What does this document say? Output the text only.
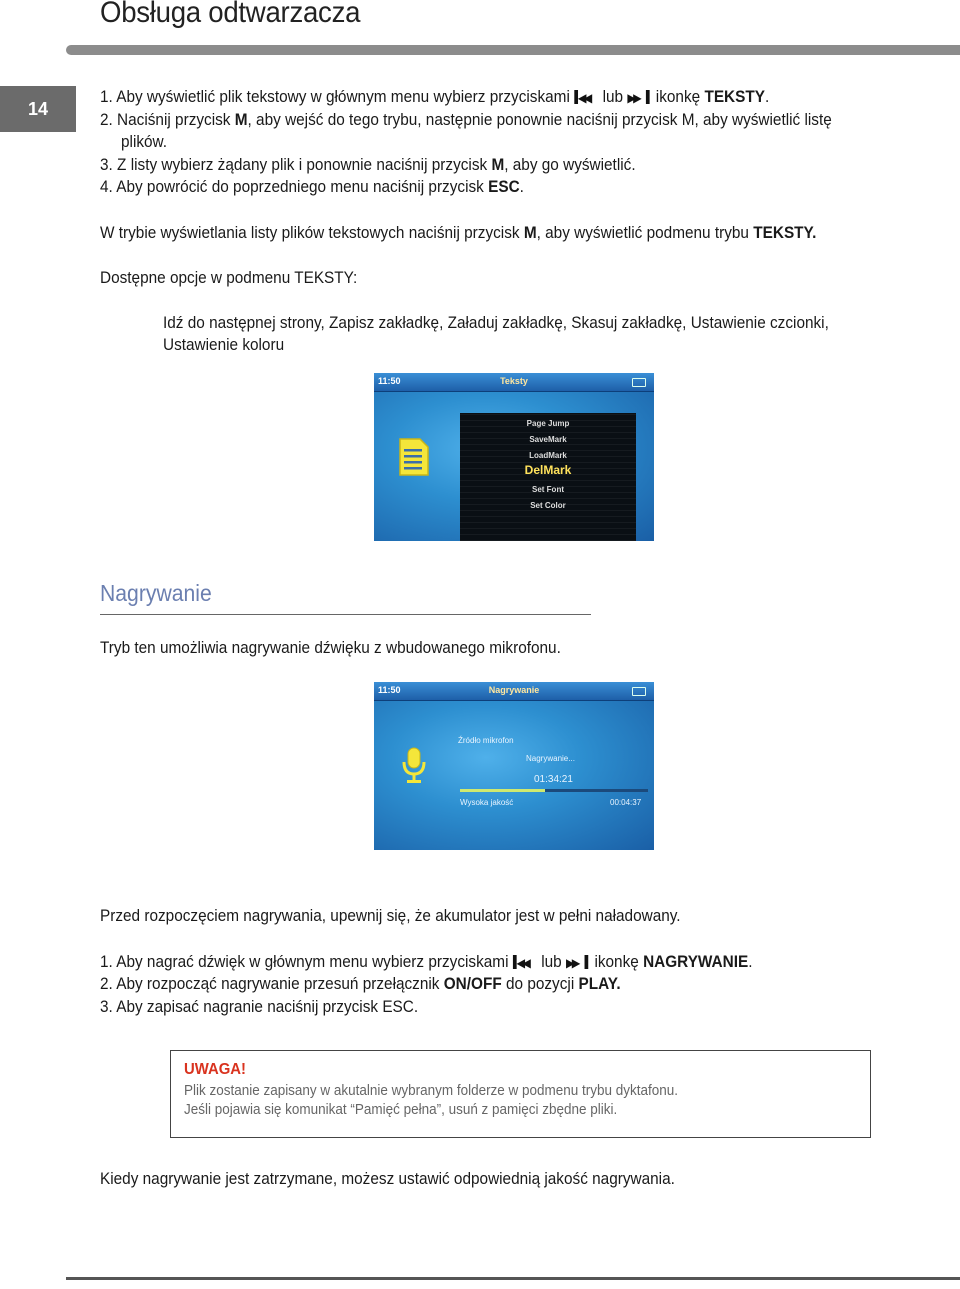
Obsługa odtwarzacza
14
1. Aby wyświetlić plik tekstowy w głównym menu wybierz przyciskami ◀◀ lub ▶▶ ikonkę TEKSTY.
2. Naciśnij przycisk M, aby wejść do tego trybu, następnie ponownie naciśnij przycisk M, aby wyświetlić listę
plików.
3. Z listy wybierz żądany plik i ponownie naciśnij przycisk M, aby go wyświetlić.
4. Aby powrócić do poprzedniego menu naciśnij przycisk ESC.
W trybie wyświetlania listy plików tekstowych naciśnij przycisk M, aby wyświetlić podmenu trybu TEKSTY.
Dostępne opcje w podmenu TEKSTY:
Idź do następnej strony, Zapisz zakładkę, Załaduj zakładkę, Skasuj zakładkę, Ustawienie czcionki,
Ustawienie koloru
11:50	Teksty
Page Jump
SaveMark
LoadMark
DelMark
Set Font
Set Color
Nagrywanie
Tryb ten umożliwia nagrywanie dźwięku z wbudowanego mikrofonu.
11:50	Nagrywanie
Źródło mikrofon
Nagrywanie...
01:34:21
Wysoka jakość	00:04:37
Przed rozpoczęciem nagrywania, upewnij się, że akumulator jest w pełni naładowany.
1. Aby nagrać dźwięk w głównym menu wybierz przyciskami ◀◀ lub ▶▶ ikonkę NAGRYWANIE.
2. Aby rozpocząć nagrywanie przesuń przełącznik ON/OFF do pozycji PLAY.
3. Aby zapisać nagranie naciśnij przycisk ESC.
UWAGA!
Plik zostanie zapisany w akutalnie wybranym folderze w podmenu trybu dyktafonu.
Jeśli pojawia się komunikat “Pamięć pełna”, usuń z pamięci zbędne pliki.
Kiedy nagrywanie jest zatrzymane, możesz ustawić odpowiednią jakość nagrywania.
